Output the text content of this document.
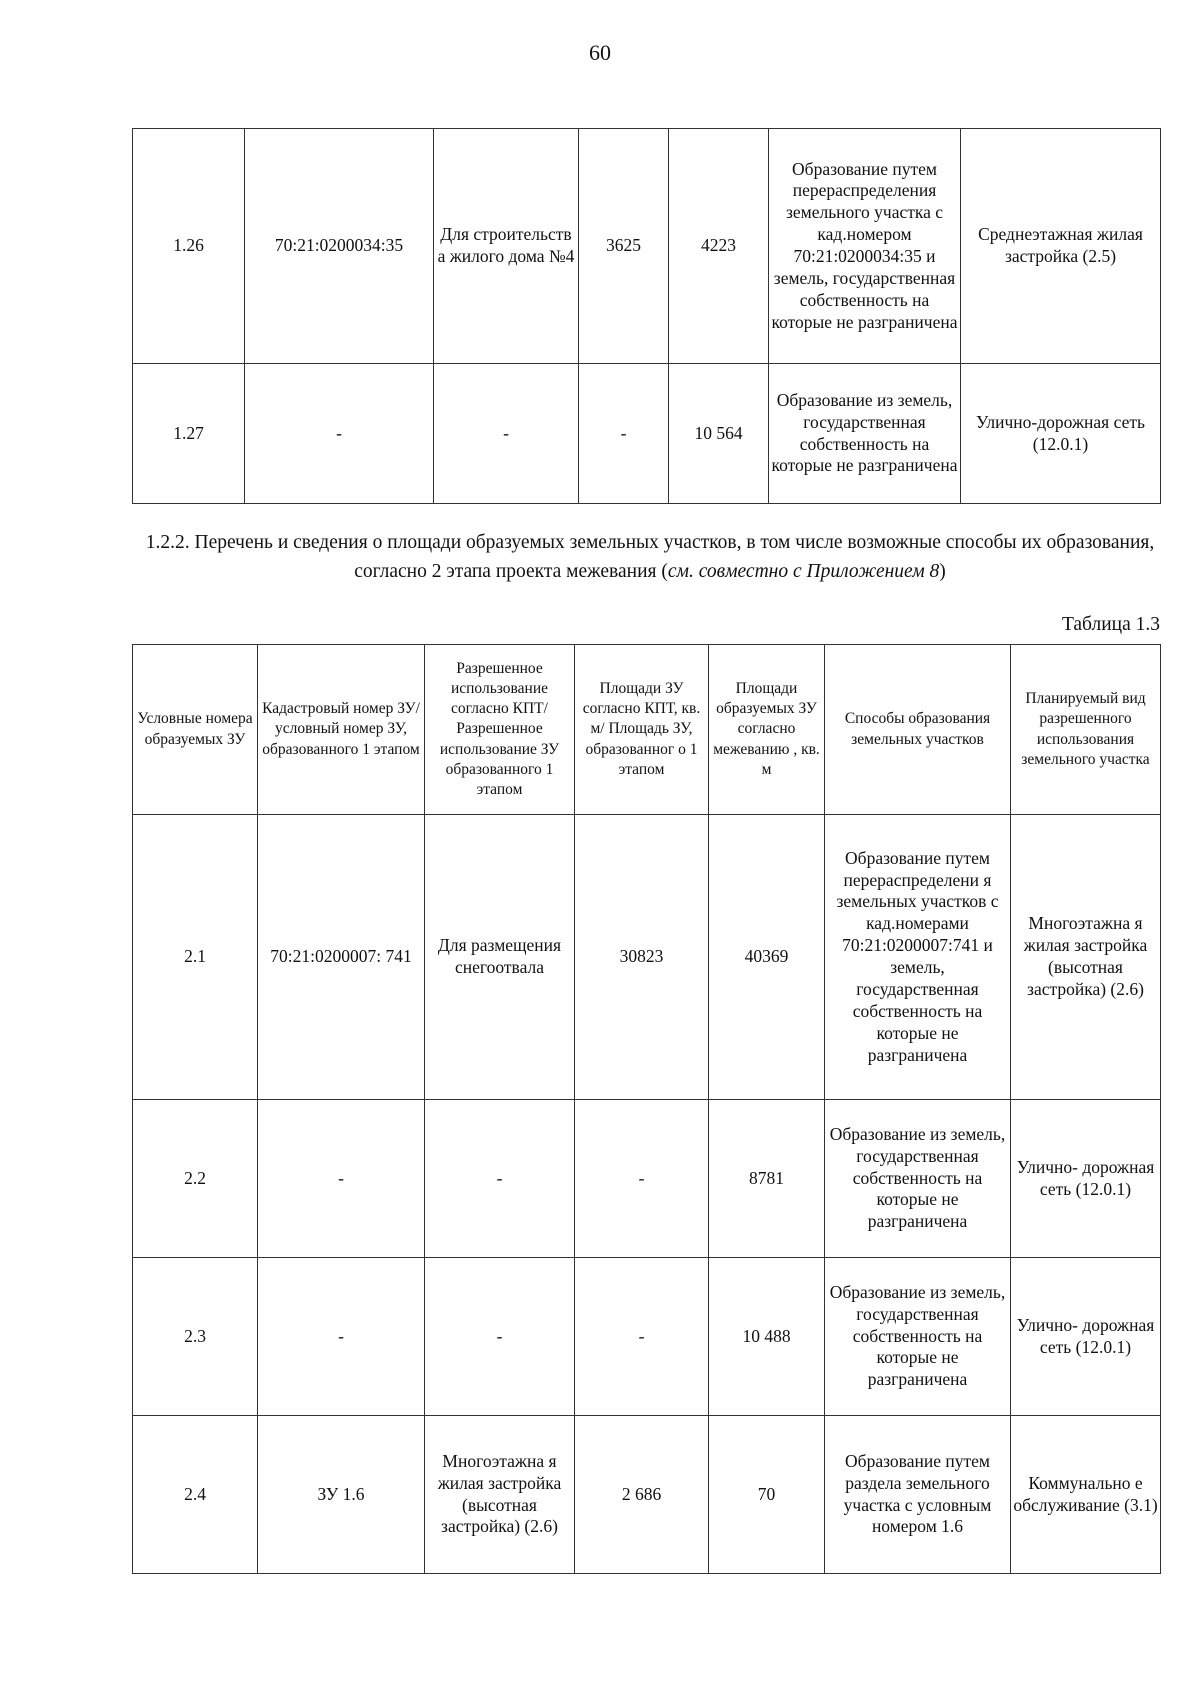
60
1.26	70:21:0200034:35	Для строительств а жилого дома №4	3625	4223	Образование путем перераспределения земельного участка с кад.номером 70:21:0200034:35 и земель, государственная собственность на которые не разграничена	Среднеэтажная жилая застройка (2.5)
1.27	-	-	-	10 564	Образование из земель, государственная собственность на которые не разграничена	Улично-дорожная сеть (12.0.1)
1.2.2. Перечень и сведения о площади образуемых земельных участков, в том числе возможные способы их образования, согласно 2 этапа проекта межевания (см. совместно с Приложением 8)
Таблица 1.3
Условные номера образуемых ЗУ	Кадастровый номер ЗУ/ условный номер ЗУ, образованного 1 этапом	Разрешенное использование согласно КПТ/ Разрешенное использование ЗУ образованного 1 этапом	Площади ЗУ согласно КПТ, кв. м/ Площадь ЗУ, образованног о 1 этапом	Площади образуемых ЗУ согласно межеванию , кв. м	Способы образования земельных участков	Планируемый вид разрешенного использования земельного участка
2.1	70:21:0200007: 741	Для размещения снегоотвала	30823	40369	Образование путем перераспределени я земельных участков с кад.номерами 70:21:0200007:741 и земель, государственная собственность на которые не разграничена	Многоэтажна я жилая застройка (высотная застройка) (2.6)
2.2	-	-	-	8781	Образование из земель, государственная собственность на которые не разграничена	Улично- дорожная сеть (12.0.1)
2.3	-	-	-	10 488	Образование из земель, государственная собственность на которые не разграничена	Улично- дорожная сеть (12.0.1)
2.4	ЗУ 1.6	Многоэтажна я жилая застройка (высотная застройка) (2.6)	2 686	70	Образование путем раздела земельного участка с условным номером 1.6	Коммунально е обслуживание (3.1)
